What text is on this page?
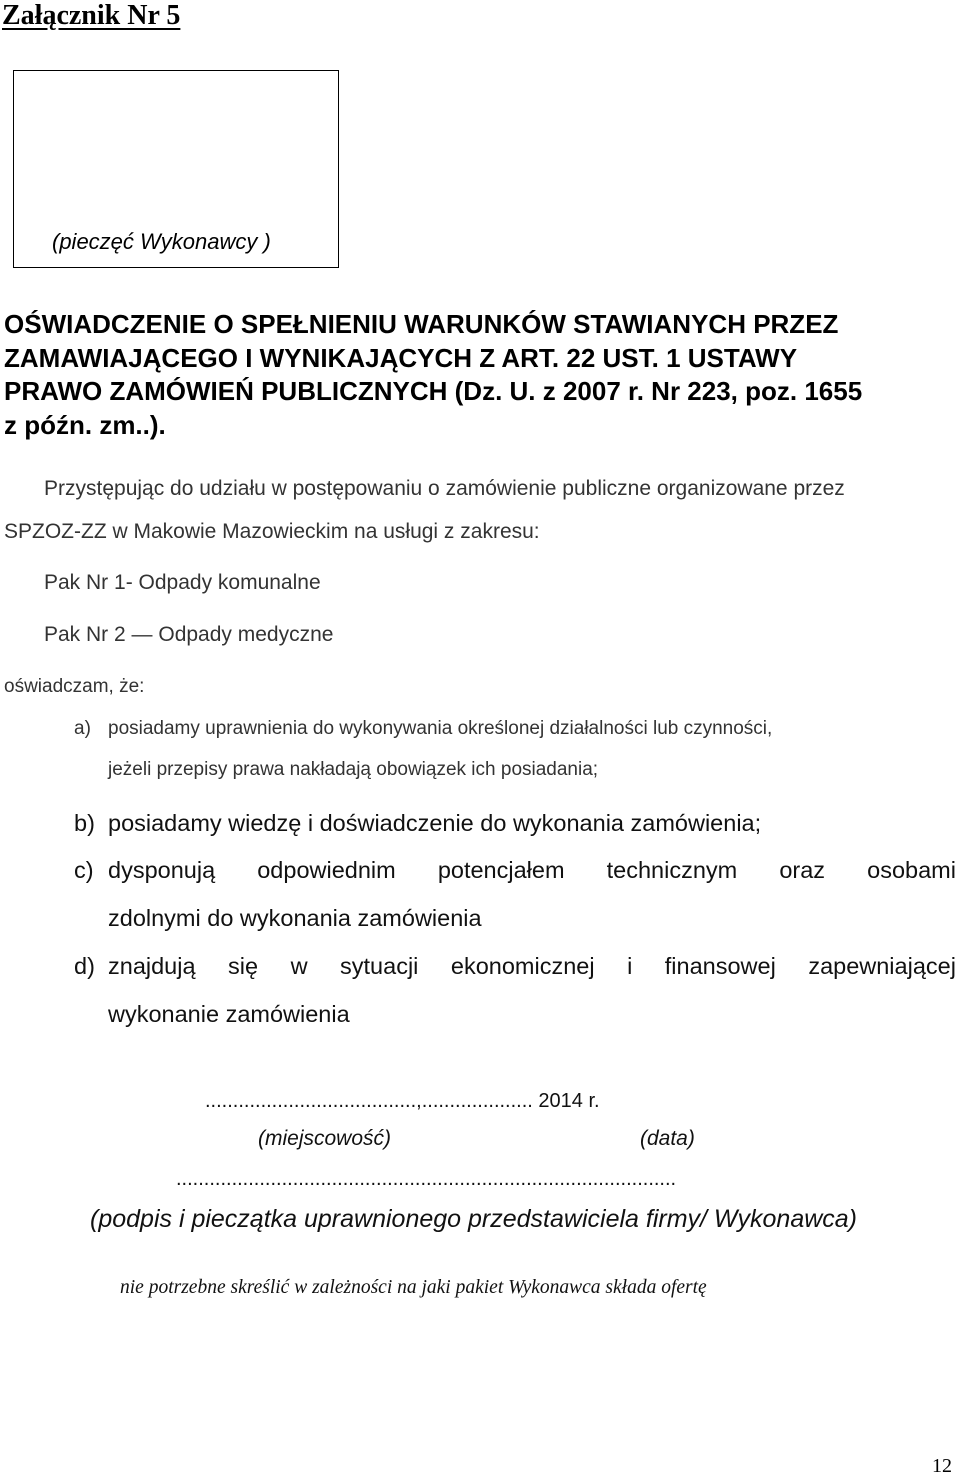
Załącznik Nr 5
(pieczęć Wykonawcy )
OŚWIADCZENIE O SPEŁNIENIU WARUNKÓW STAWIANYCH PRZEZ
ZAMAWIAJĄCEGO I WYNIKAJĄCYCH Z ART. 22 UST. 1 USTAWY
PRAWO ZAMÓWIEŃ PUBLICZNYCH (Dz. U. z 2007 r. Nr 223, poz. 1655
z późn. zm..).
Przystępując do udziału w postępowaniu o zamówienie publiczne organizowane przez
SPZOZ-ZZ w Makowie Mazowieckim na usługi z zakresu:
Pak Nr 1- Odpady komunalne
Pak Nr 2 — Odpady medyczne
oświadczam, że:
a) posiadamy uprawnienia do wykonywania określonej działalności lub czynności,
jeżeli przepisy prawa nakładają obowiązek ich posiadania;
b) posiadamy wiedzę i doświadczenie do wykonania zamówienia;
c) dysponują odpowiednim potencjałem technicznym oraz osobami
zdolnymi do wykonania zamówienia
d) znajdują się w sytuacji ekonomicznej i finansowej zapewniającej
wykonanie zamówienia
......................................,.................... 2014 r.
(miejscowość)	(data)
..........................................................................................
(podpis i pieczątka uprawnionego przedstawiciela firmy/ Wykonawca)
nie potrzebne skreślić w zależności na jaki pakiet Wykonawca składa ofertę
12
